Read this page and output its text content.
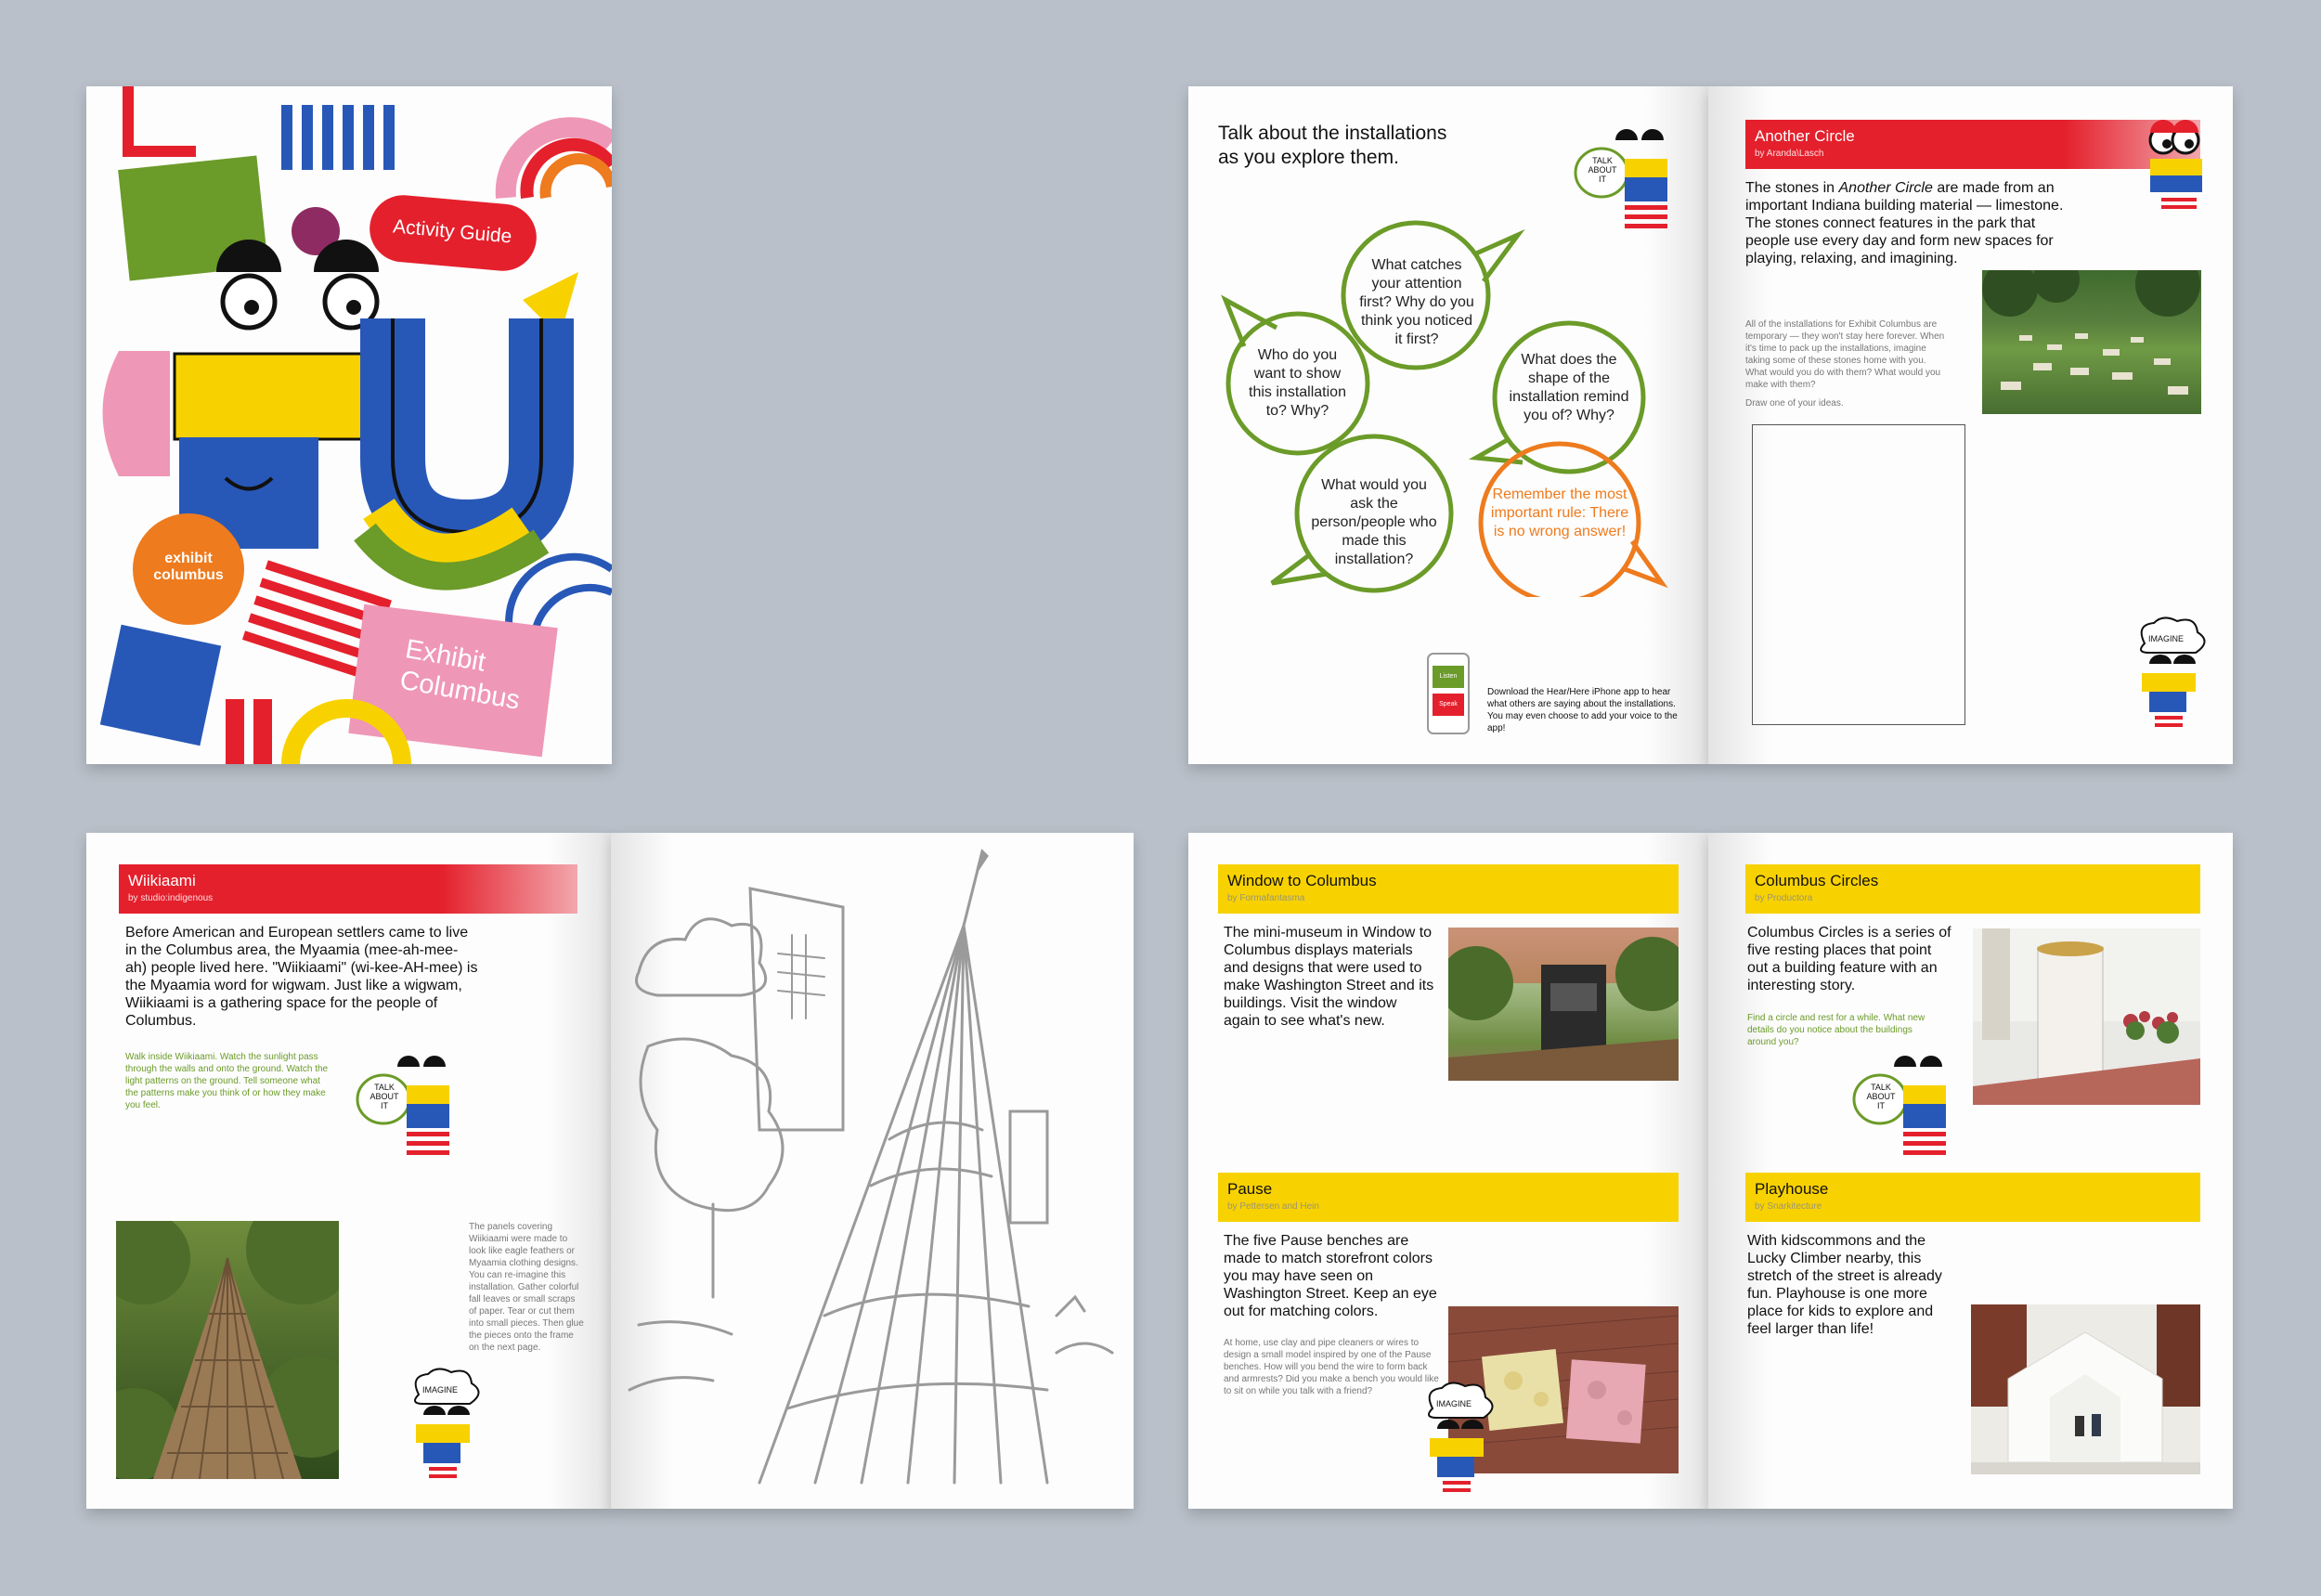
Activity Guide
exhibit columbus
Exhibit
Columbus
Talk about the installations
as you explore them.	TALK
ABOUT
IT
What catches your attention first? Why do you think you noticed it first?
Who do you want to show this installation to? Why?
What does the shape of the installation remind you of? Why?
What would you ask the person/people who made this installation?
Remember the most important rule: There is no wrong answer!
Listen
Speak
Download the Hear/Here iPhone app to hear what others are saying about the installations. You may even choose to add your voice to the app!
Another Circle
by Aranda\Lasch
The stones in Another Circle are made from an important Indiana building material — limestone. The stones connect features in the park that people use every day and form new spaces for playing, relaxing, and imagining.
All of the installations for Exhibit Columbus are temporary — they won't stay here forever. When it's time to pack up the installations, imagine taking some of these stones home with you. What would you do with them? What would you make with them?
Draw one of your ideas.
IMAGINE
Wiikiaami
by studio:indigenous
Before American and European settlers came to live in the Columbus area, the Myaamia (mee-ah-mee-ah) people lived here. "Wiikiaami" (wi-kee-AH-mee) is the Myaamia word for wigwam. Just like a wigwam, Wiikiaami is a gathering space for the people of Columbus.
Walk inside Wiikiaami. Watch the sunlight pass through the walls and onto the ground. Watch the light patterns on the ground. Tell someone what the patterns make you think of or how they make you feel.
TALK
ABOUT
IT
The panels covering Wiikiaami were made to look like eagle feathers or Myaamia clothing designs. You can re-imagine this installation. Gather colorful fall leaves or small scraps of paper. Tear or cut them into small pieces. Then glue the pieces onto the frame on the next page.
IMAGINE
Window to Columbus
by Formafantasma
The mini-museum in Window to Columbus displays materials and designs that were used to make Washington Street and its buildings. Visit the window again to see what's new.
Pause
by Pettersen and Hein
The five Pause benches are made to match storefront colors you may have seen on Washington Street. Keep an eye out for matching colors.
At home, use clay and pipe cleaners or wires to design a small model inspired by one of the Pause benches. How will you bend the wire to form back and armrests? Did you make a bench you would like to sit on while you talk with a friend?
IMAGINE
Columbus Circles
by Productora
Columbus Circles is a series of five resting places that point out a building feature with an interesting story.
Find a circle and rest for a while. What new details do you notice about the buildings around you?
TALK
ABOUT
IT
Playhouse
by Snarkitecture
With kidscommons and the Lucky Climber nearby, this stretch of the street is already fun. Playhouse is one more place for kids to explore and feel larger than life!
